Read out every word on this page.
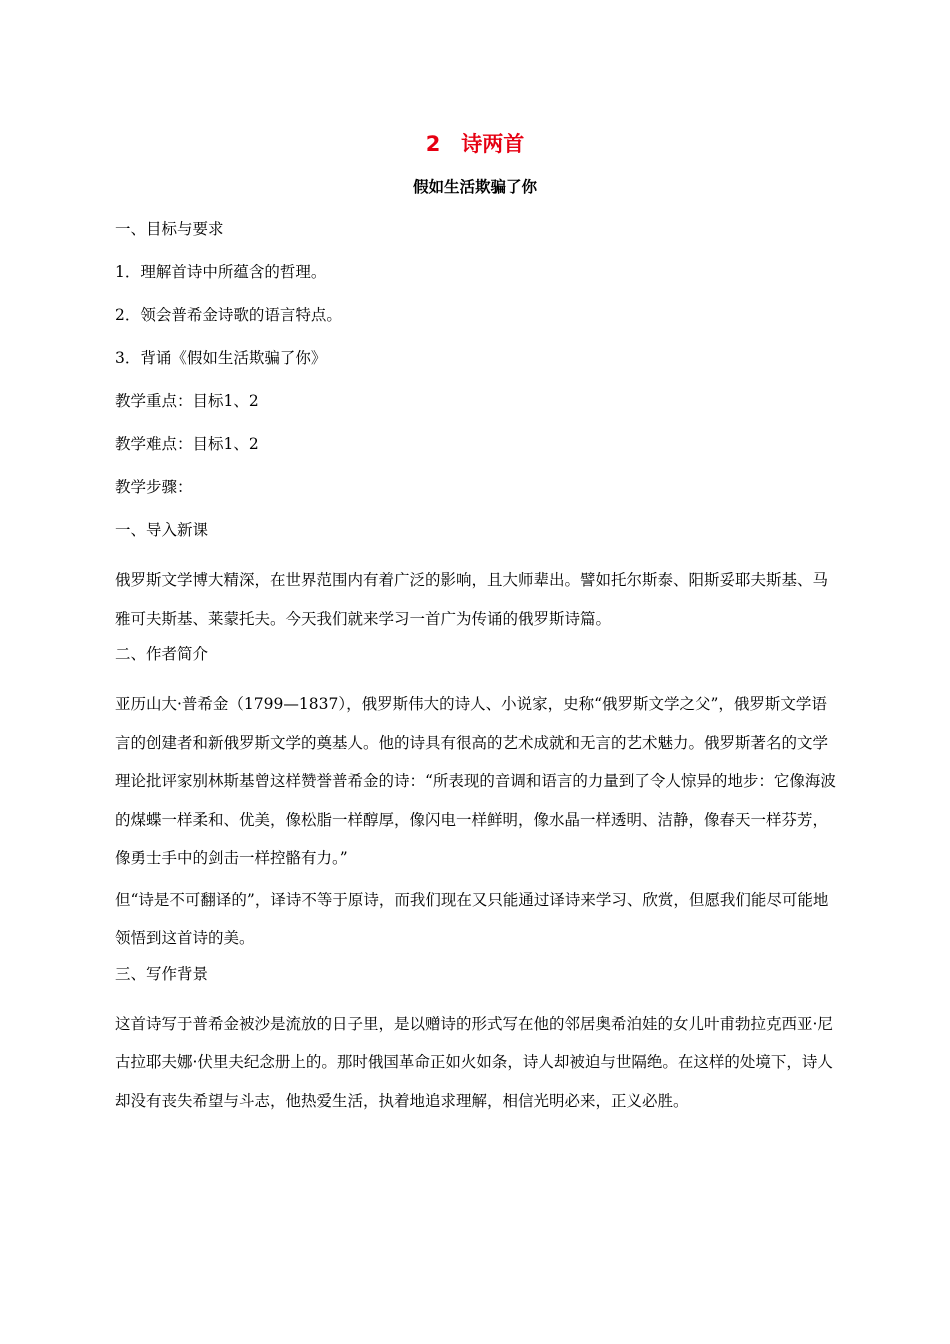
2　诗两首
假如生活欺骗了你
一、目标与要求
1．理解首诗中所蕴含的哲理。
2．领会普希金诗歌的语言特点。
3．背诵《假如生活欺骗了你》
教学重点：目标1、2
教学难点：目标1、2
教学步骤：
一、导入新课
俄罗斯文学博大精深，在世界范围内有着广泛的影响，且大师辈出。譬如托尔斯泰、阳斯妥耶夫斯基、马雅可夫斯基、莱蒙托夫。今天我们就来学习一首广为传诵的俄罗斯诗篇。
二、作者简介
亚历山大·普希金（1799—1837），俄罗斯伟大的诗人、小说家，史称“俄罗斯文学之父”，俄罗斯文学语言的创建者和新俄罗斯文学的奠基人。他的诗具有很高的艺术成就和无言的艺术魅力。俄罗斯著名的文学理论批评家别林斯基曾这样赞誉普希金的诗：“所表现的音调和语言的力量到了令人惊异的地步：它像海波的煤蝶一样柔和、优美，像松脂一样醇厚，像闪电一样鲜明，像水晶一样透明、洁静，像春天一样芬芳，像勇士手中的剑击一样控骼有力。”
但“诗是不可翻译的”，译诗不等于原诗，而我们现在又只能通过译诗来学习、欣赏，但愿我们能尽可能地领悟到这首诗的美。
三、写作背景
这首诗写于普希金被沙是流放的日子里，是以赠诗的形式写在他的邻居奥希泊娃的女儿叶甫勃拉克西亚·尼古拉耶夫娜·伏里夫纪念册上的。那时俄国革命正如火如条，诗人却被迫与世隔绝。在这样的处境下，诗人却没有丧失希望与斗志，他热爱生活，执着地追求理解，相信光明必来，正义必胜。
